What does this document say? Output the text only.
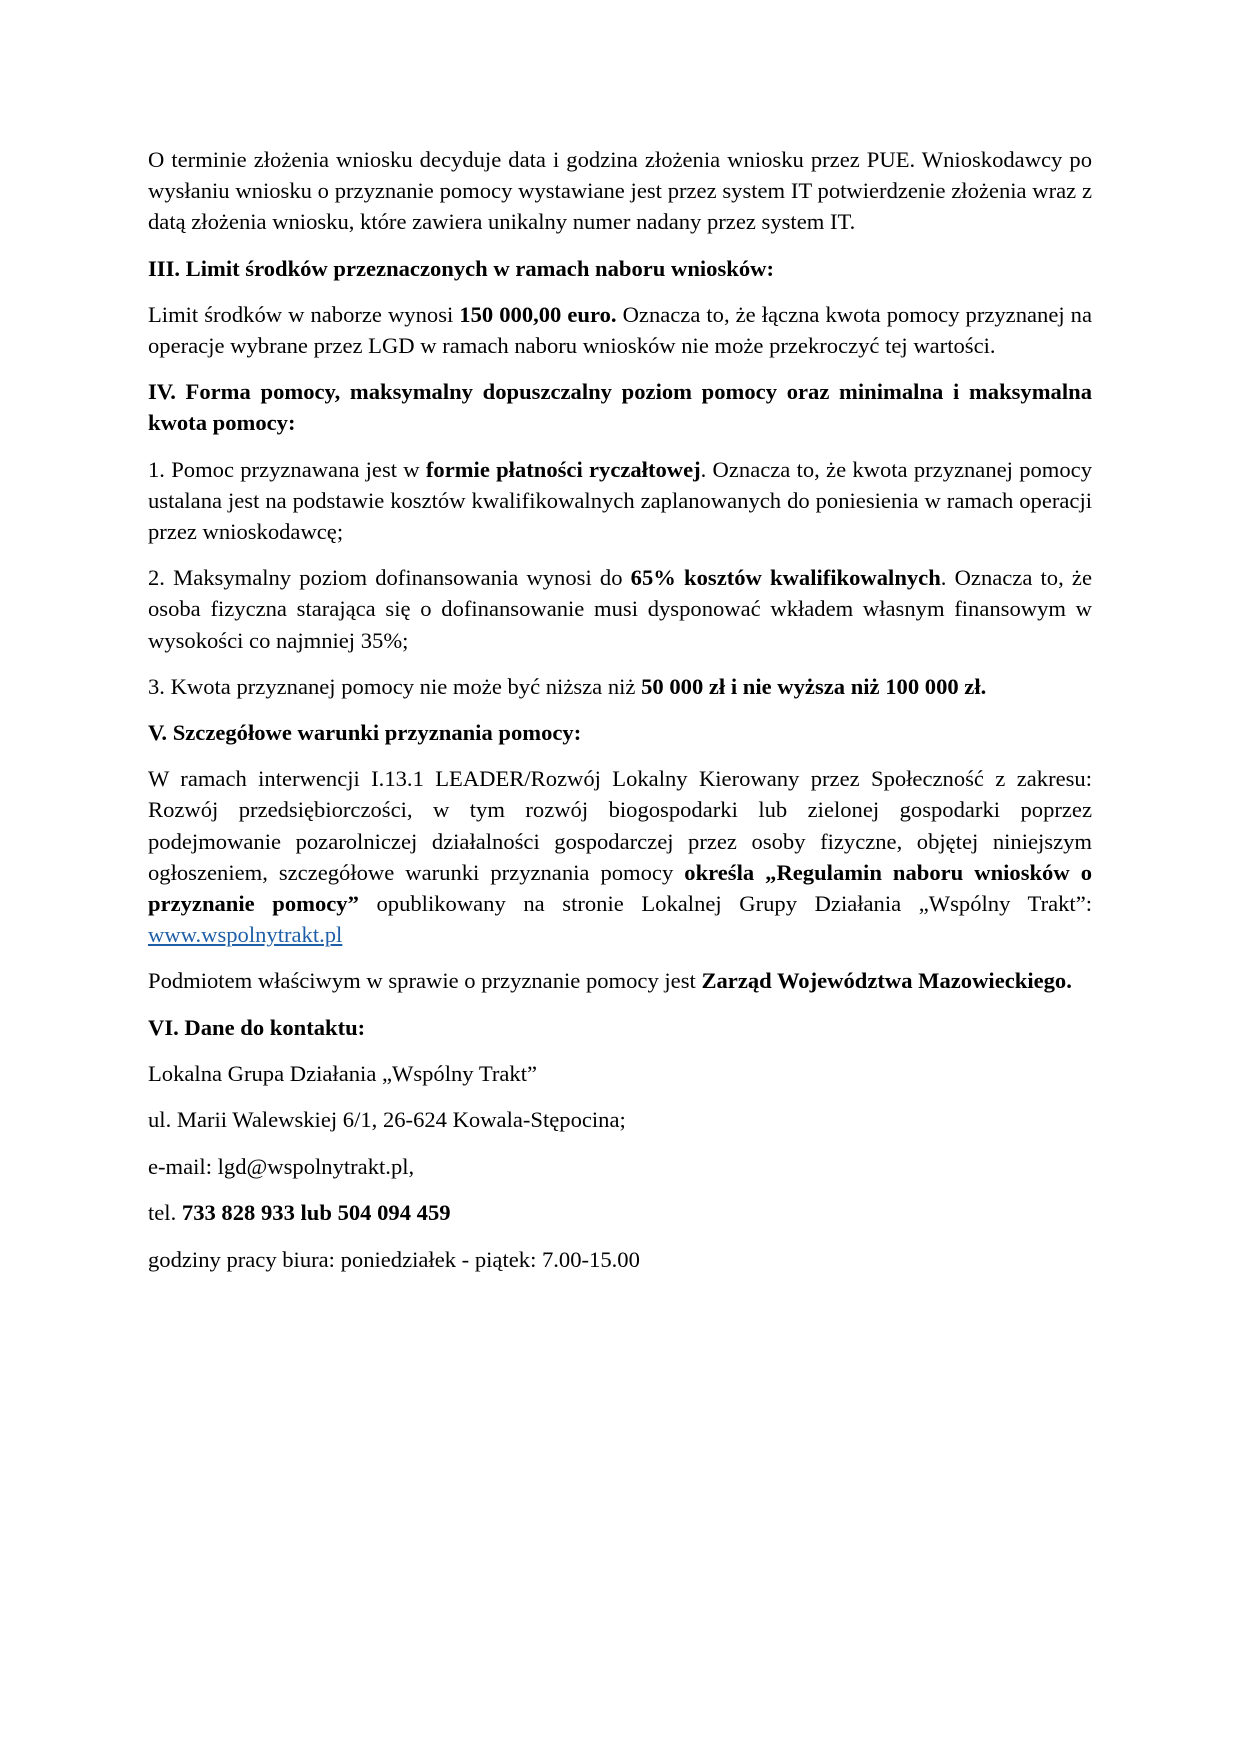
O terminie złożenia wniosku decyduje data i godzina złożenia wniosku przez PUE. Wnioskodawcy po wysłaniu wniosku o przyznanie pomocy wystawiane jest przez system IT potwierdzenie złożenia wraz z datą złożenia wniosku, które zawiera unikalny numer nadany przez system IT.

III. Limit środków przeznaczonych w ramach naboru wniosków:

Limit środków w naborze wynosi 150 000,00 euro. Oznacza to, że łączna kwota pomocy przyznanej na operacje wybrane przez LGD w ramach naboru wniosków nie może przekroczyć tej wartości.

IV. Forma pomocy, maksymalny dopuszczalny poziom pomocy oraz minimalna i maksymalna kwota pomocy:

1. Pomoc przyznawana jest w formie płatności ryczałtowej. Oznacza to, że kwota przyznanej pomocy ustalana jest na podstawie kosztów kwalifikowalnych zaplanowanych do poniesienia w ramach operacji przez wnioskodawcę;

2. Maksymalny poziom dofinansowania wynosi do 65% kosztów kwalifikowalnych. Oznacza to, że osoba fizyczna starająca się o dofinansowanie musi dysponować wkładem własnym finansowym w wysokości co najmniej 35%;

3. Kwota przyznanej pomocy nie może być niższa niż 50 000 zł i nie wyższa niż 100 000 zł.

V. Szczegółowe warunki przyznania pomocy:

W ramach interwencji I.13.1 LEADER/Rozwój Lokalny Kierowany przez Społeczność z zakresu: Rozwój przedsiębiorczości, w tym rozwój biogospodarki lub zielonej gospodarki poprzez podejmowanie pozarolniczej działalności gospodarczej przez osoby fizyczne, objętej niniejszym ogłoszeniem, szczegółowe warunki przyznania pomocy określa „Regulamin naboru wniosków o przyznanie pomocy” opublikowany na stronie Lokalnej Grupy Działania „Wspólny Trakt”: www.wspolnytrakt.pl

Podmiotem właściwym w sprawie o przyznanie pomocy jest Zarząd Województwa Mazowieckiego.

VI. Dane do kontaktu:

Lokalna Grupa Działania „Wspólny Trakt”

ul. Marii Walewskiej 6/1, 26-624 Kowala-Stępocina;

e-mail: lgd@wspolnytrakt.pl,

tel. 733 828 933 lub 504 094 459

godziny pracy biura: poniedziałek - piątek: 7.00-15.00
